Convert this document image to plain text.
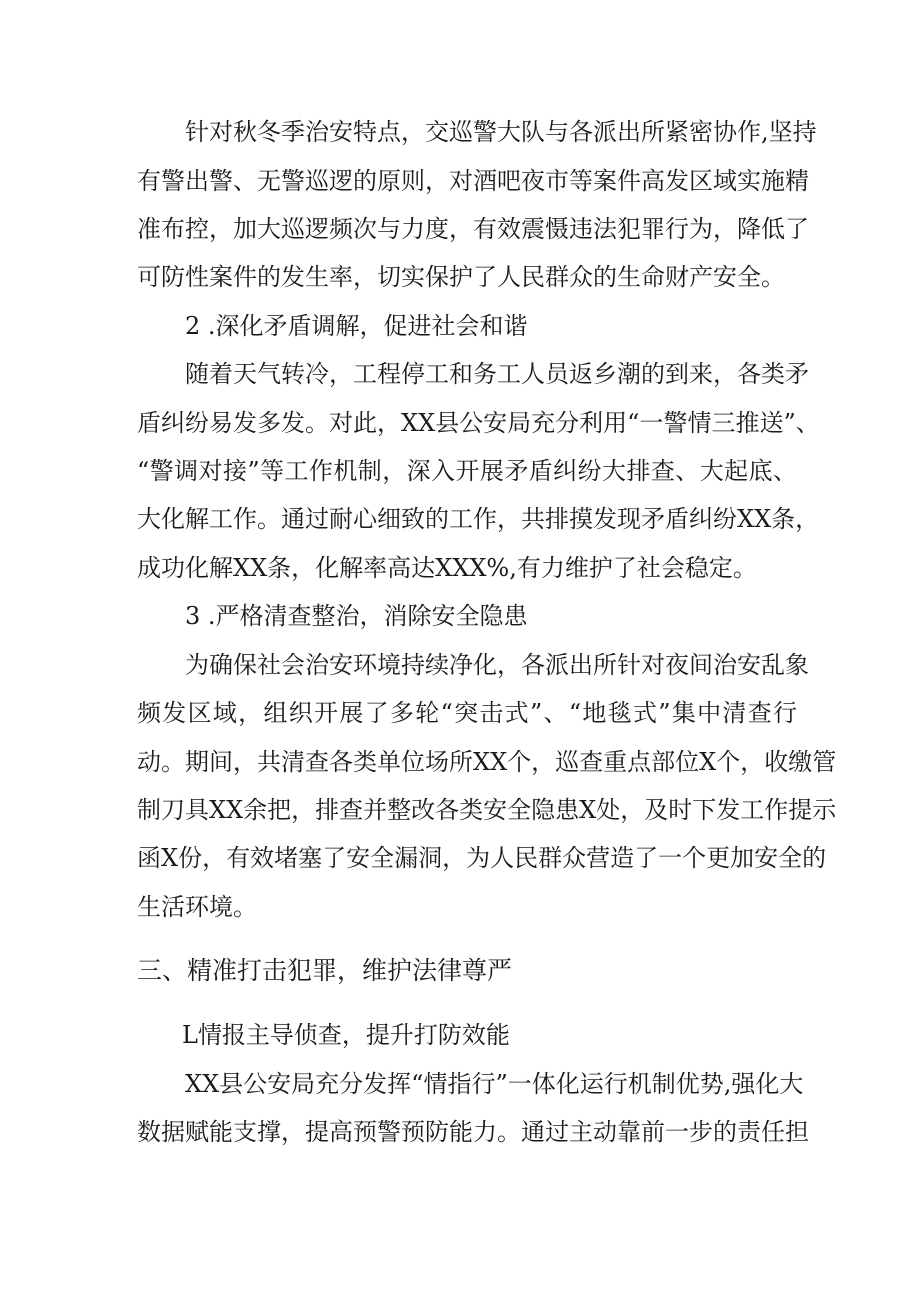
针对秋冬季治安特点，交巡警大队与各派出所紧密协作,坚持
有警出警、无警巡逻的原则，对酒吧夜市等案件高发区域实施精
准布控，加大巡逻频次与力度，有效震慑违法犯罪行为，降低了
可防性案件的发生率，切实保护了人民群众的生命财产安全。
2 .深化矛盾调解，促进社会和谐
随着天气转冷，工程停工和务工人员返乡潮的到来，各类矛
盾纠纷易发多发。对此，XX县公安局充分利用“一警情三推送”、
“警调对接”等工作机制，深入开展矛盾纠纷大排查、大起底、
大化解工作。通过耐心细致的工作，共排摸发现矛盾纠纷XX条，
成功化解XX条，化解率高达XXX%,有力维护了社会稳定。
3 .严格清查整治，消除安全隐患
为确保社会治安环境持续净化，各派出所针对夜间治安乱象
频发区域，组织开展了多轮“突击式”、“地毯式”集中清查行
动。期间，共清查各类单位场所XX个，巡查重点部位X个，收缴管
制刀具XX余把，排查并整改各类安全隐患X处，及时下发工作提示
函X份，有效堵塞了安全漏洞，为人民群众营造了一个更加安全的
生活环境。
三、精准打击犯罪，维护法律尊严
L情报主导侦查，提升打防效能
XX县公安局充分发挥“情指行”一体化运行机制优势,强化大
数据赋能支撑，提高预警预防能力。通过主动靠前一步的责任担
